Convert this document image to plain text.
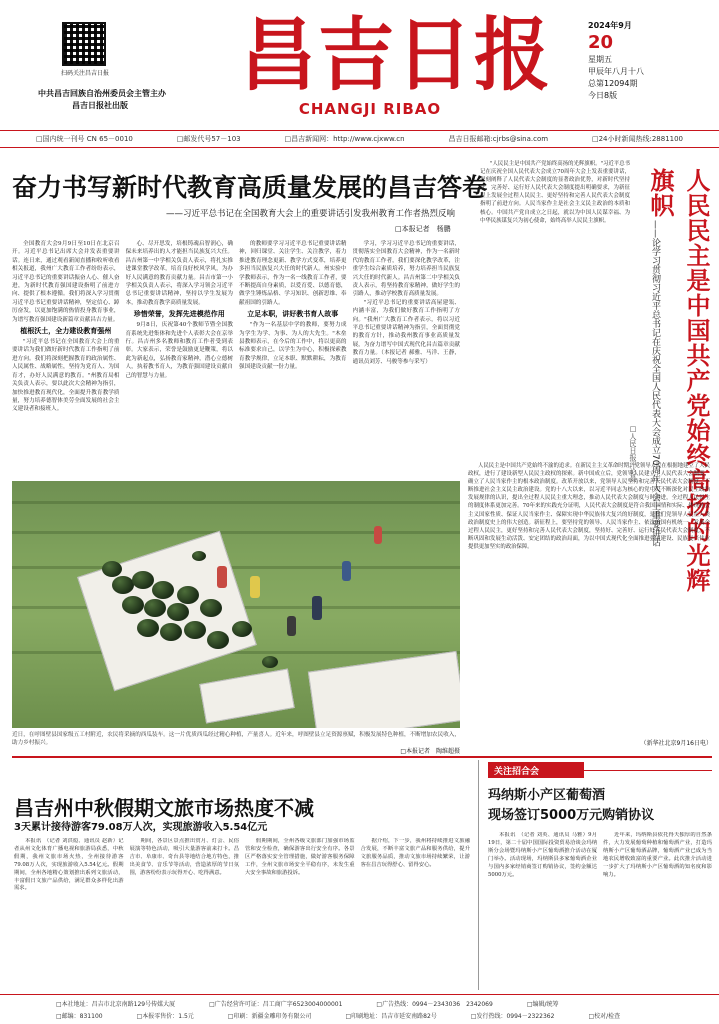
扫码关注昌吉日报
中共昌吉回族自治州委员会主管主办
昌吉日报社出版
昌吉日报
CHANGJI RIBAO
2024年9月
20
星期五
甲辰年八月十八
总第12094期
今日8版
□国内统一刊号 CN 65－0010	□邮发代号57－103	□昌吉新闻网：http://www.cjxww.cn	昌吉日报邮箱:cjrbs@sina.com	□24小时新闻热线:2881100
奋力书写新时代教育高质量发展的昌吉答卷
——习近平总书记在全国教育大会上的重要讲话引发我州教育工作者热烈反响
□本报记者　杨鹏

全国教育大会9月9日至10日在北京召开。习近平总书记出席大会并发表重要讲话。连日来，通过观看新闻直播和收听收看相关报道，我州广大教育工作者纷纷表示，习近平总书记的重要讲话振奋人心、催人奋进，为新时代教育强国建设指明了前进方向、提供了根本遵循。我们将深入学习贯彻习近平总书记重要讲话精神，坚定信心、踔厉奋发，以更加饱满的热情投身教育事业，为谱写教育强国建设新篇章贡献昌吉力量。

植根沃土，全力建设教育强州

"习近平总书记在全国教育大会上的重要讲话为我们做好新时代教育工作指明了前进方向。我们将深刻把握教育的政治属性、人民属性、战略属性，坚持为党育人、为国育才，办好人民满意的教育。"州教育局相关负责人表示，要以此次大会精神为指引，加快推进教育现代化，全面提升教育教学质量，努力培养德智体美劳全面发展的社会主义建设者和接班人。

心、尽开思发，培根铸魂启智润心，确保未来培养出的人才能担当民族复兴大任。昌吉州第一中学相关负责人表示，将扎实推进课堂教学改革，培育良好校风学风，为办好人民满意的教育贡献力量。昌吉市第一小学相关负责人表示，将深入学习领会习近平总书记重要讲话精神，坚持以学生发展为本，推动教育教学高质量发展。

珍惜荣誉，发挥先进模范作用

9月8日，庆祝第40个教师节暨全国教育系统先进集体和先进个人表彰大会在京举行。昌吉州多名教师和教育工作者受到表彰。大家表示，荣誉是鼓励更是鞭策，将以此为新起点，弘扬教育家精神，潜心立德树人，执着教书育人，为教育强国建设贡献自己的智慧与力量。

的教师要学习习近平总书记重要讲话精神，回归课堂、关注学生、关注教学，着力推进教育理念更新、教学方式变革，培养更多担当民族复兴大任的时代新人。州实验中学教师表示，作为一名一线教育工作者，要不断提高自身素质，以爱育爱、以德育德，做学生锤炼品格、学习知识、创新思维、奉献祖国的引路人。

立足本职，讲好教书育人故事

"作为一名基层中学的教师，要努力成为学生为学、为事、为人的大先生。"木垒县教师表示，在今后的工作中，将以更高的标准要求自己，以学生为中心，积极探索教育教学规律，立足本职、默默耕耘，为教育强国建设贡献一份力量。

学习，学习习近平总书记的重要讲话，贯彻落实全国教育大会精神，作为一名新时代的教育工作者，我们要深化教学改革，注重学生综合素质培养，努力培养担当民族复兴大任的时代新人。昌吉州第二中学相关负责人表示，将坚持教育家精神，做好学生的引路人，推动学校教育高质量发展。

"习近平总书记的重要讲话高屋建瓴、内涵丰富，为我们做好教育工作指明了方向。"我州广大教育工作者表示，将以习近平总书记重要讲话精神为指引，全面贯彻党的教育方针，推动我州教育事业高质量发展，为奋力谱写中国式现代化昌吉篇章贡献教育力量。（本报记者 郝雅、马洋、王静，通讯员刘芳、马骏等参与采写）

近日，在呼图壁县国家级五工村附近，农民将采摘的西瓜装车。这一片优质西瓜经过精心种植，产量喜人。近年来，呼图壁县立足资源禀赋，积极发展特色种植，不断增加农民收入，助力乡村振兴。
□本报记者　陶维超摄
人民民主是中国共产党始终高扬的光辉旗帜
——论学习贯彻习近平总书记在庆祝全国人民代表大会成立70周年大会上重要讲话
□人民日报评论员
"人民民主是中国共产党始终高扬的光辉旗帜。"习近平总书记在庆祝全国人民代表大会成立70周年大会上发表重要讲话，深刻阐释了人民代表大会制度的显著政治优势，对新时代坚持好、完善好、运行好人民代表大会制度提出明确要求，为新征程上发展全过程人民民主、更好坚持和完善人民代表大会制度指明了前进方向。人民当家作主是社会主义民主政治的本质和核心。中国共产党自成立之日起，就以为中国人民谋幸福、为中华民族谋复兴为初心使命，始终高举人民民主旗帜。
人民民主是中国共产党始终不渝的追求。在新民主主义革命时期，党领导人民在根据地建立了人民政权，进行了建设新型人民民主政权的探索。新中国成立后，党领导人民建立了人民代表大会制度，确立了人民当家作主的根本政治制度。改革开放以来，党领导人民坚持和完善人民代表大会制度，不断推进社会主义民主政治建设。党的十八大以来，以习近平同志为核心的党中央不断深化对民主政治发展规律的认识，提出全过程人民民主重大理念，推动人民代表大会制度与时俱进，全过程人民民主的制度体系更加完善。70年来的实践充分证明，人民代表大会制度是符合我国国情和实际、体现社会主义国家性质、保证人民当家作主、保障实现中华民族伟大复兴的好制度，是我们党领导人民在人类政治制度史上的伟大创造。新征程上，要坚持党的领导、人民当家作主、依法治国有机统一，发展全过程人民民主，更好坚持和完善人民代表大会制度，坚持好、完善好、运行好人民代表大会制度，不断巩固和发展生动活泼、安定团结的政治局面，为以中国式现代化全面推进强国建设、民族复兴伟业提供更加坚实的政治保障。
（新华社北京9月16日电）
昌吉州中秋假期文旅市场热度不减
3天累计接待游客79.08万人次，实现旅游收入5.54亿元
本报讯　（记者 刘洪彪、通讯员 赵新）记者从州文化体育广播电视和旅游局获悉，中秋假期，我州文旅市场火热，全州接待游客79.08万人次，实现旅游收入5.54亿元。假期期间，全州各地精心策划推出系列文旅活动，丰富假日文旅产品供给，满足群众多样化出游需求。
期间，各景区景点推出赏月、灯会、民俗展演等特色活动，吸引大量游客前来打卡。昌吉市、阜康市、奇台县等地结合地方特色，推出美食节、音乐节等活动，营造浓厚的节日氛围，游客纷纷表示玩得开心、吃得满意。
假期期间，全州各级文旅部门加强市场监管和安全检查，确保游客出行安全有序。各景区严格落实安全管理措施，做好游客服务保障工作，全州文旅市场安全平稳有序，未发生重大安全事故和旅游投诉。
据介绍，下一步，我州将持续推进文旅融合发展，不断丰富文旅产品和服务供给，提升文旅服务品质，推动文旅市场持续繁荣，让游客在昌吉玩得舒心、留得安心。
关注招合会
玛纳斯小产区葡萄酒
现场签订5000万元购销协议
本报讯　（记者 刘英、通讯员 马雅）9月19日，第二十届中国国际投资贸易洽谈会玛纳斯分会场暨玛纳斯小产区葡萄酒推介活动在厦门举办。活动现场，玛纳斯县多家葡萄酒企业与国内多家经销商签订购销协议，签约金额达5000万元。
近年来，玛纳斯县依托得天独厚的自然条件，大力发展葡萄种植和葡萄酒产业，打造玛纳斯小产区葡萄酒品牌，葡萄酒产业已成为当地农民增收致富的重要产业。此次推介活动进一步扩大了玛纳斯小产区葡萄酒的知名度和影响力。
□本社地址：昌吉市北京南路129号传媒大厦	□广告经营许可证：昌工商广字6523004000001	□广告热线：0994－2343036　2342069	□编辑/统筹
□邮编：831100	□本报零售价：1.5元	□印刷：新疆金雕印务有限公司	□印刷地址：昌吉市延安南路82号	□发行热线：0994－2322362	□校对/检查
